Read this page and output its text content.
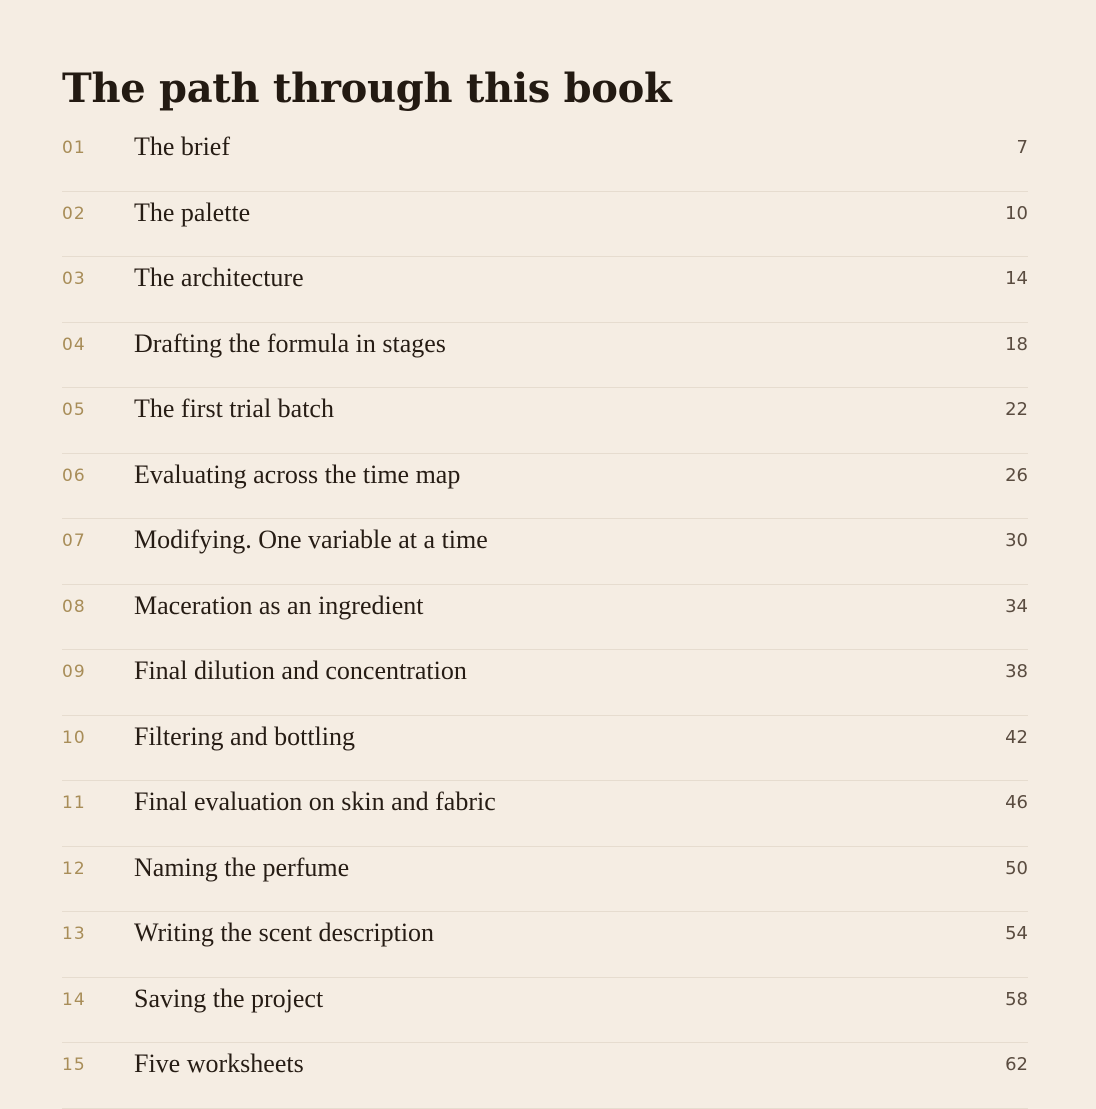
The path through this book
01 The brief	7
02 The palette	10
03 The architecture	14
04 Drafting the formula in stages	18
05 The first trial batch	22
06 Evaluating across the time map	26
07 Modifying. One variable at a time	30
08 Maceration as an ingredient	34
09 Final dilution and concentration	38
10 Filtering and bottling	42
11 Final evaluation on skin and fabric	46
12 Naming the perfume	50
13 Writing the scent description	54
14 Saving the project	58
15 Five worksheets	62
